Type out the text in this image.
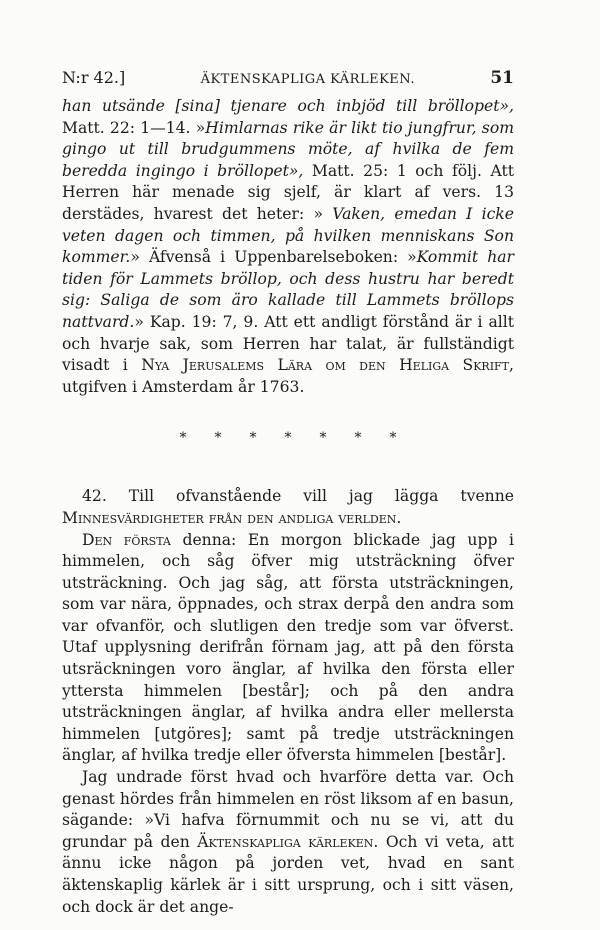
N:r 42.]	ÄKTENSKAPLIGA KÄRLEKEN.	51

han utsände [sina] tjenare och inbjöd till bröllopet», Matt. 22: 1—14. »Himlarnas rike är likt tio jungfrur, som gingo ut till brudgummens möte, af hvilka de fem beredda ingingo i bröllopet», Matt. 25: 1 och följ. Att Herren här menade sig sjelf, är klart af vers. 13 derstädes, hvarest det heter: » Vaken, emedan I icke veten dagen och timmen, på hvilken menniskans Son kommer.» Äfvenså i Uppenbarelseboken: »Kommit har tiden för Lammets bröllop, och dess hustru har beredt sig: Saliga de som äro kallade till Lammets bröllops nattvard.» Kap. 19: 7, 9. Att ett andligt förstånd är i allt och hvarje sak, som Herren har talat, är fullständigt visadt i Nya Jerusalems Lära om den Heliga Skrift, utgifven i Amsterdam år 1763.

* * * * * * *

42. Till ofvanstående vill jag lägga tvenne Minnesvärdigheter från den andliga verlden.

Den första denna: En morgon blickade jag upp i himmelen, och såg öfver mig utsträckning öfver utsträckning. Och jag såg, att första utsträckningen, som var nära, öppnades, och strax derpå den andra som var ofvanför, och slutligen den tredje som var öfverst. Utaf upplysning derifrån förnam jag, att på den första utsräckningen voro änglar, af hvilka den första eller yttersta himmelen [består]; och på den andra utsträckningen änglar, af hvilka andra eller mellersta himmelen [utgöres]; samt på tredje utsträckningen änglar, af hvilka tredje eller öfversta himmelen [består].

Jag undrade först hvad och hvarföre detta var. Och genast hördes från himmelen en röst liksom af en basun, sägande: »Vi hafva förnummit och nu se vi, att du grundar på den Äktenskapliga kärleken. Och vi veta, att ännu icke någon på jorden vet, hvad en sant äktenskaplig kärlek är i sitt ursprung, och i sitt väsen, och dock är det ange-
